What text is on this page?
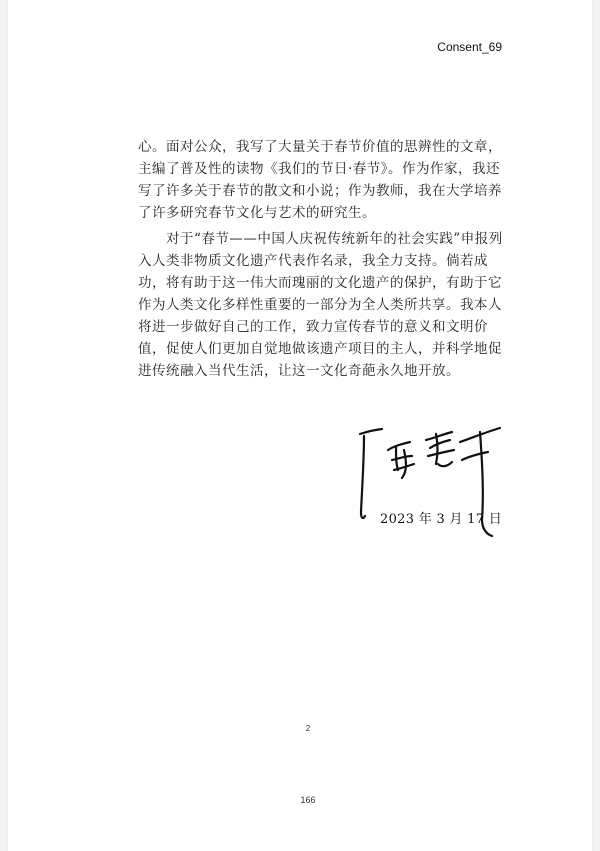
Consent_69

心。面对公众，我写了大量关于春节价值的思辨性的文章，主编了普及性的读物《我们的节日·春节》。作为作家，我还写了许多关于春节的散文和小说；作为教师，我在大学培养了许多研究春节文化与艺术的研究生。

　　对于“春节——中国人庆祝传统新年的社会实践”申报列入人类非物质文化遗产代表作名录，我全力支持。倘若成功，将有助于这一伟大而瑰丽的文化遗产的保护，有助于它作为人类文化多样性重要的一部分为全人类所共享。我本人将进一步做好自己的工作，致力宣传春节的意义和文明价值，促使人们更加自觉地做该遗产项目的主人，并科学地促进传统融入当代生活，让这一文化奇葩永久地开放。

2023 年 3 月 17 日
2
166
